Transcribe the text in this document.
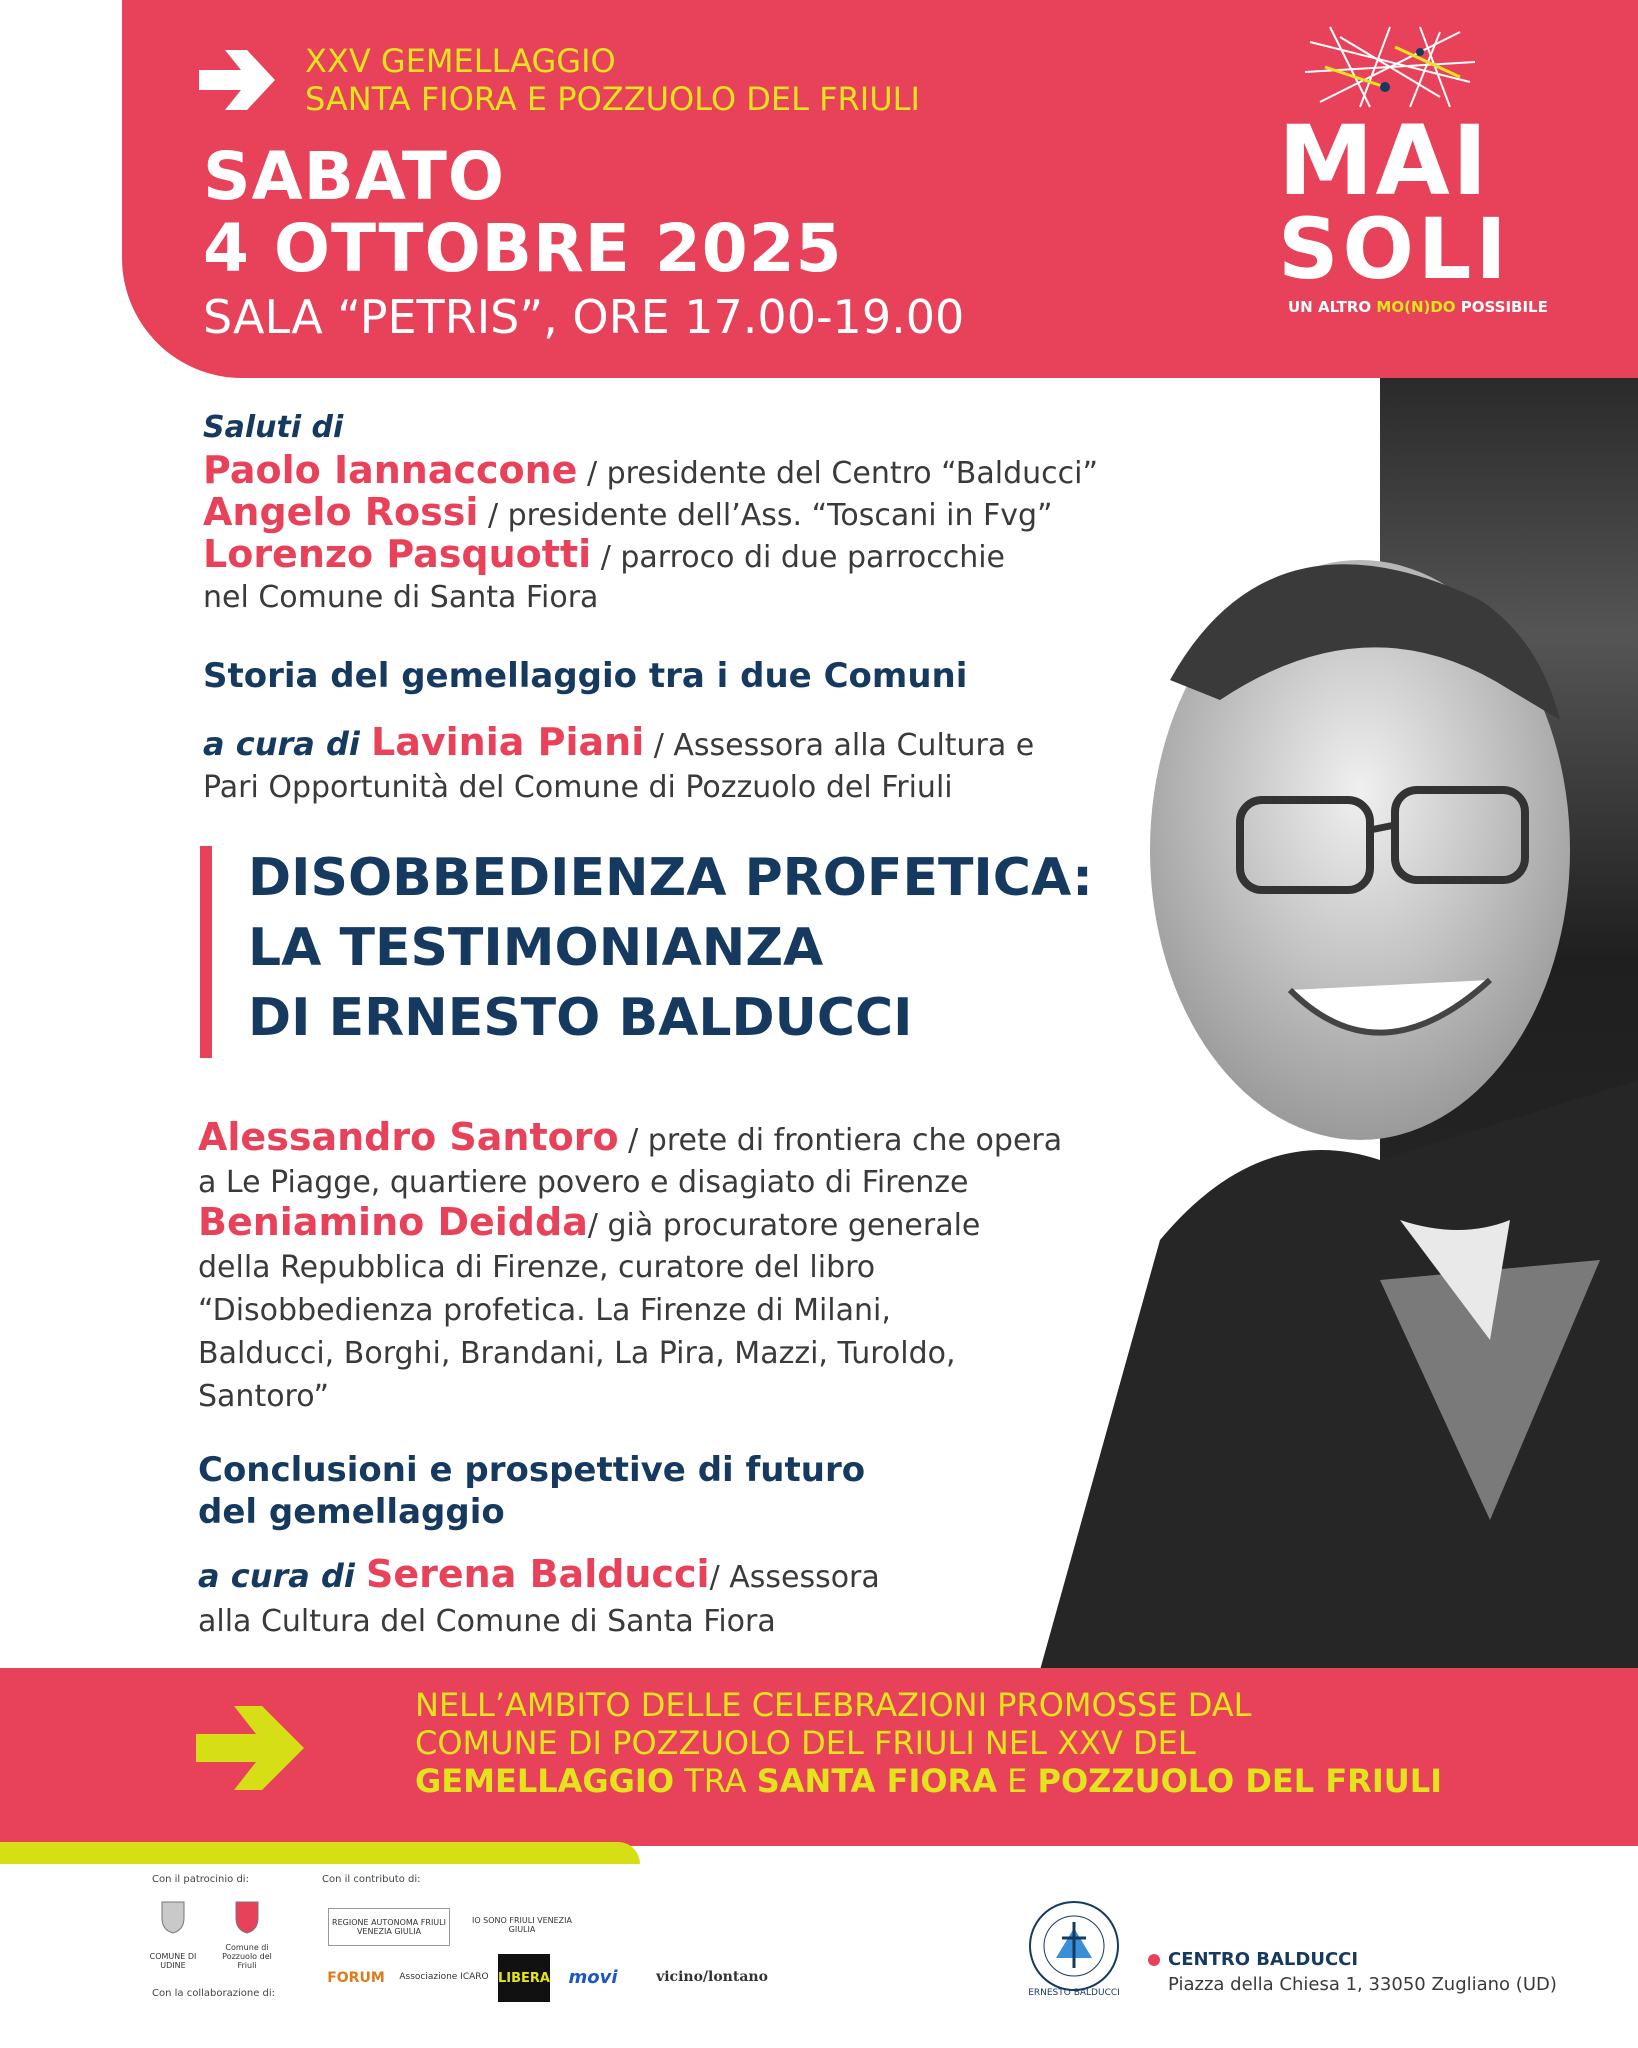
XXV GEMELLAGGIO
SANTA FIORA E POZZUOLO DEL FRIULI
SABATO
4 OTTOBRE 2025
SALA “PETRIS”, ORE 17.00-19.00
MAI
SOLI
UN ALTRO MO(N)DO POSSIBILE
Saluti di
Paolo Iannaccone / presidente del Centro “Balducci”
Angelo Rossi / presidente dell’Ass. “Toscani in Fvg”
Lorenzo Pasquotti / parroco di due parrocchie
nel Comune di Santa Fiora
Storia del gemellaggio tra i due Comuni
a cura di Lavinia Piani / Assessora alla Cultura e
Pari Opportunità del Comune di Pozzuolo del Friuli
DISOBBEDIENZA PROFETICA:
LA TESTIMONIANZA
DI ERNESTO BALDUCCI
Alessandro Santoro / prete di frontiera che opera
a Le Piagge, quartiere povero e disagiato di Firenze
Beniamino Deidda/ già procuratore generale
della Repubblica di Firenze, curatore del libro
“Disobbedienza profetica. La Firenze di Milani,
Balducci, Borghi, Brandani, La Pira, Mazzi, Turoldo,
Santoro”
Conclusioni e prospettive di futuro
del gemellaggio
a cura di Serena Balducci/ Assessora
alla Cultura del Comune di Santa Fiora
NELL’AMBITO DELLE CELEBRAZIONI PROMOSSE DAL
COMUNE DI POZZUOLO DEL FRIULI NEL XXV DEL
GEMELLAGGIO TRA SANTA FIORA E POZZUOLO DEL FRIULI
Con il patrocinio di:	Con il contributo di:
Con la collaborazione di:
COMUNE DI UDINE
Comune di Pozzuolo del Friuli
REGIONE AUTONOMA FRIULI VENEZIA GIULIA
IO SONO FRIULI VENEZIA GIULIA
FORUM	Associazione ICARO LIBERA movi	vicino/lontano
ERNESTO BALDUCCI
CENTRO BALDUCCI
Piazza della Chiesa 1, 33050 Zugliano (UD)
